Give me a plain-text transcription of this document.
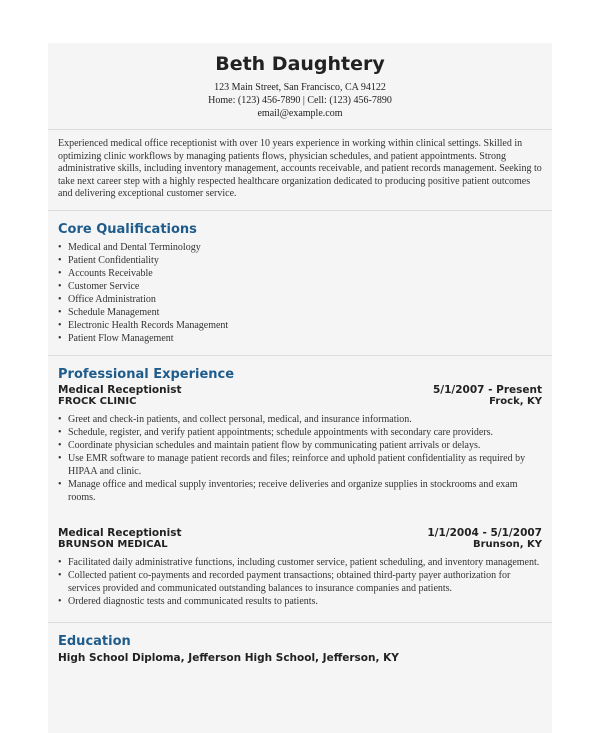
Beth Daughtery
123 Main Street, San Francisco, CA 94122
Home: (123) 456-7890 | Cell: (123) 456-7890
email@example.com

Experienced medical office receptionist with over 10 years experience in working within clinical settings. Skilled in optimizing clinic workflows by managing patients flows, physician schedules, and patient appointments. Strong administrative skills, including inventory management, accounts receivable, and patient records management. Seeking to take next career step with a highly respected healthcare organization dedicated to producing positive patient outcomes and delivering exceptional customer service.

Core Qualifications
• Medical and Dental Terminology
• Patient Confidentiality
• Accounts Receivable
• Customer Service
• Office Administration
• Schedule Management
• Electronic Health Records Management
• Patient Flow Management
Professional Experience
Medical Receptionist	5/1/2007 - Present
FROCK CLINIC	Frock, KY
• Greet and check-in patients, and collect personal, medical, and insurance information.
• Schedule, register, and verify patient appointments; schedule appointments with secondary care providers.
• Coordinate physician schedules and maintain patient flow by communicating patient arrivals or delays.
• Use EMR software to manage patient records and files; reinforce and uphold patient confidentiality as required by HIPAA and clinic.
• Manage office and medical supply inventories; receive deliveries and organize supplies in stockrooms and exam rooms.
Medical Receptionist	1/1/2004 - 5/1/2007
BRUNSON MEDICAL	Brunson, KY
• Facilitated daily administrative functions, including customer service, patient scheduling, and inventory management.
• Collected patient co-payments and recorded payment transactions; obtained third-party payer authorization for services provided and communicated outstanding balances to insurance companies and patients.
• Ordered diagnostic tests and communicated results to patients.
Education
High School Diploma, Jefferson High School, Jefferson, KY
